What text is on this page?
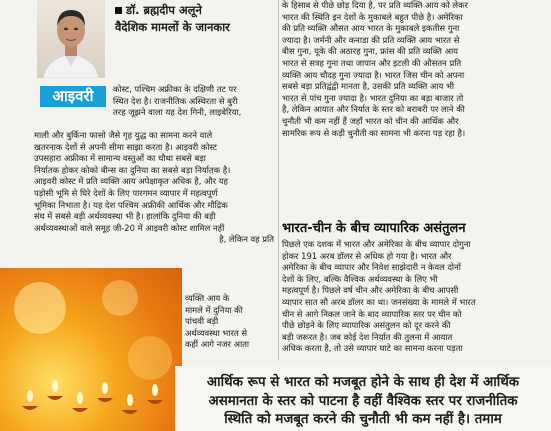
डॉ. ब्रह्मदीप अलूने
वैदेशिक मामलों के जानकार
आइवरी	कोस्ट, पश्चिम अफ्रीका के दक्षिणी तट पर
स्थित देश है। राजनीतिक अस्थिरता से बुरी
तरह जूझने वाला यह देश गिनी, लाइबेरिया,
माली और बुर्किना फासो जैसे गृह युद्ध का सामना करने वाले
खतरनाक देशों से अपनी सीमा साझा करता है। आइवरी कोस्ट
उपसहारा अफ्रीका में सामान्य वस्तुओं का चौथा सबसे बड़ा
निर्यातक होकर कोको बीन्स का दुनिया का सबसे बड़ा निर्यातक है।
आइवरी कोस्ट में प्रति व्यक्ति आय अपेक्षाकृत अधिक है, और यह
पड़ोसी भूमि से घिरे देशों के लिए पारगमन व्यापार में महत्वपूर्ण
भूमिका निभाता है। यह देश पश्चिम अफ्रीकी आर्थिक और मौद्रिक
संघ में सबसे बड़ी अर्थव्यवस्था भी है। हालांकि दुनिया की बड़ी
अर्थव्यवस्थाओं वाले समूह जी-20 में आइवरी कोस्ट शामिल नहीं
है, लेकिन वह प्रति
व्यक्ति आय के
मामले में दुनिया की
पांचवी बड़ी
अर्थव्यवस्था भारत से
कहीं आगे नजर आता
के हिसाब से पीछे छोड़ दिया है, पर प्रति व्यक्ति आय को लेकर
भारत की स्थिति इन देशों के मुकाबले बहुत पीछे है। अमेरिका
की प्रति व्यक्ति औसत आय भारत के मुकाबले इकतीस गुना
ज्यादा है। जर्मनी और कनाडा की प्रति व्यक्ति आय भारत से
बीस गुना, यूके की अठारह गुना, फ्रांस की प्रति व्यक्ति आय
भारत से सत्रह गुना तथा जापान और इटली की औसतन प्रति
व्यक्ति आय चौदह गुना ज्यादा है। भारत जिस चीन को अपना
सबसे बड़ा प्रतिद्वंद्वी मानता है, उसकी प्रति व्यक्ति आय भी
भारत से पांच गुना ज्यादा है। भारत दुनिया का बड़ा बाजार तो
है, लेकिन आयात और निर्यात के स्तर को बराबरी पर लाने की
चुनौती भी कम नहीं हैं जहाँ भारत को चीन की आर्थिक और
सामरिक रूप से कड़ी चुनौती का सामना भी करना पड़ रहा है।
भारत-चीन के बीच व्यापारिक असंतुलन
पिछले एक दशक में भारत और अमेरिका के बीच व्यापार दोगुना
होकर 191 अरब डॉलर से अधिक हो गया है। भारत और
अमेरिका के बीच व्यापार और निवेश साझेदारी न केवल दोनों
देशों के लिए, बल्कि वैश्विक अर्थव्यवस्था के लिए भी
महत्वपूर्ण है। पिछले वर्ष चीन और अमेरिका के बीच आपसी
व्यापार सात सौ अरब डॉलर का था। जनसंख्या के मामले में भारत
चीन से आगे निकल जाने के बाद व्यापारिक स्तर पर चीन को
पीछे छोड़ने के लिए व्यापारिक असंतुलन को दूर करने की
बड़ी जरूरत है। जब कोई देश निर्यात की तुलना में आयात
अधिक करता है, तो उसे व्यापार घाटे का सामना करना पड़ता
आर्थिक रूप से भारत को मजबूत होने के साथ ही देश में आर्थिक
असमानता के स्तर को पाटना है वहीं वैश्विक स्तर पर राजनीतिक
स्थिति को मजबूत करने की चुनौती भी कम नहीं है। तमाम
